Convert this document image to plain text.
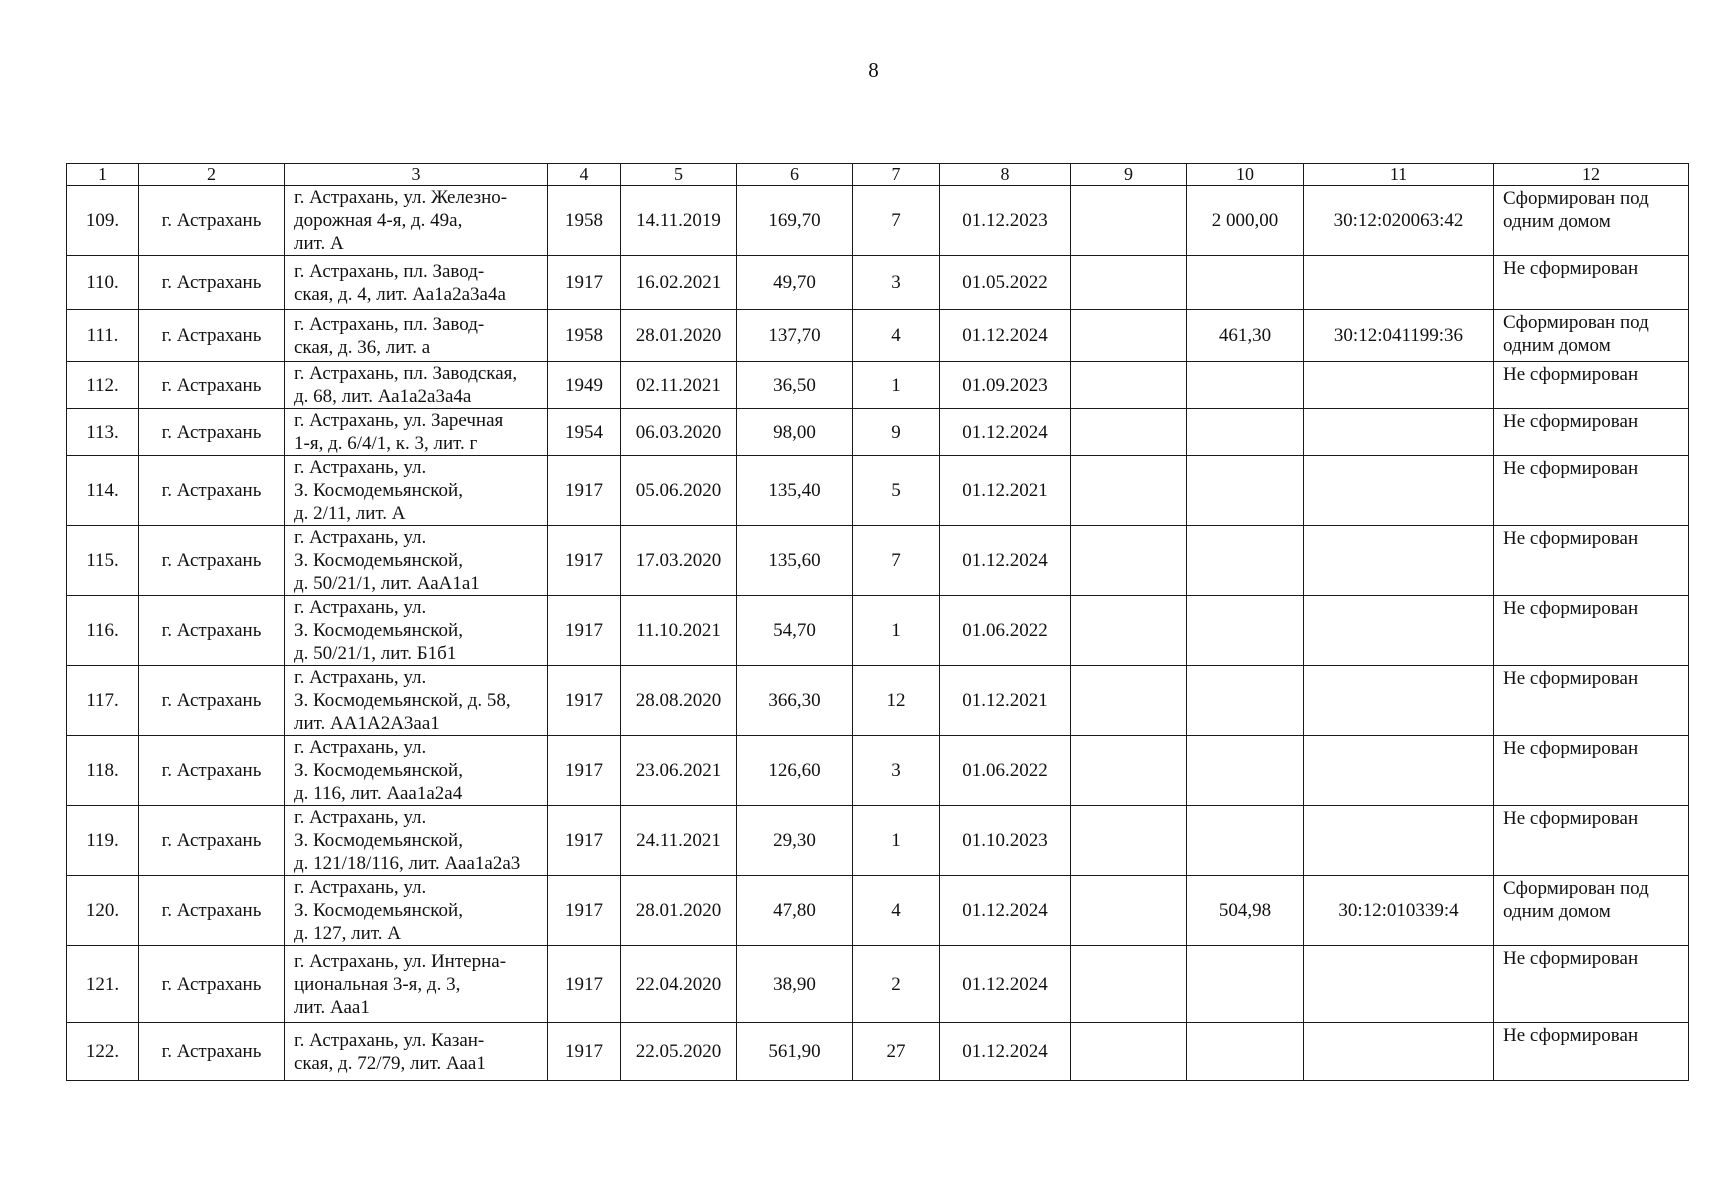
8
1	2	3	4	5	6	7	8	9	10	11	12
109.	г. Астрахань	г. Астрахань, ул. Железно-
дорожная 4-я, д. 49а,
лит. А	1958	14.11.2019	169,70	7	01.12.2023		2 000,00	30:12:020063:42	Сформирован под
одним домом

110.	г. Астрахань	г. Астрахань, пл. Завод-
ская, д. 4, лит. Аа1а2а3а4а	1917	16.02.2021	49,70	3	01.05.2022				Не сформирован

111.	г. Астрахань	г. Астрахань, пл. Завод-
ская, д. 36, лит. а	1958	28.01.2020	137,70	4	01.12.2024		461,30	30:12:041199:36	Сформирован под
одним домом

112.	г. Астрахань	г. Астрахань, пл. Заводская,
д. 68, лит. Аа1а2а3а4а	1949	02.11.2021	36,50	1	01.09.2023				Не сформирован

113.	г. Астрахань	г. Астрахань, ул. Заречная
1-я, д. 6/4/1, к. 3, лит. г	1954	06.03.2020	98,00	9	01.12.2024				Не сформирован

114.	г. Астрахань	г. Астрахань, ул.
З. Космодемьянской,
д. 2/11, лит. А	1917	05.06.2020	135,40	5	01.12.2021				Не сформирован

115.	г. Астрахань	г. Астрахань, ул.
З. Космодемьянской,
д. 50/21/1, лит. АаА1а1	1917	17.03.2020	135,60	7	01.12.2024				Не сформирован

116.	г. Астрахань	г. Астрахань, ул.
З. Космодемьянской,
д. 50/21/1, лит. Б1б1	1917	11.10.2021	54,70	1	01.06.2022				Не сформирован

117.	г. Астрахань	г. Астрахань, ул.
З. Космодемьянской, д. 58,
лит. АА1А2А3аа1	1917	28.08.2020	366,30	12	01.12.2021				Не сформирован

118.	г. Астрахань	г. Астрахань, ул.
З. Космодемьянской,
д. 116, лит. Ааа1а2а4	1917	23.06.2021	126,60	3	01.06.2022				Не сформирован

119.	г. Астрахань	г. Астрахань, ул.
З. Космодемьянской,
д. 121/18/116, лит. Ааа1а2а3	1917	24.11.2021	29,30	1	01.10.2023				Не сформирован

120.	г. Астрахань	г. Астрахань, ул.
З. Космодемьянской,
д. 127, лит. А	1917	28.01.2020	47,80	4	01.12.2024		504,98	30:12:010339:4	Сформирован под
одним домом

121.	г. Астрахань	г. Астрахань, ул. Интерна-
циональная 3-я, д. 3,
лит. Ааа1	1917	22.04.2020	38,90	2	01.12.2024				Не сформирован

122.	г. Астрахань	г. Астрахань, ул. Казан-
ская, д. 72/79, лит. Ааа1	1917	22.05.2020	561,90	27	01.12.2024				Не сформирован
